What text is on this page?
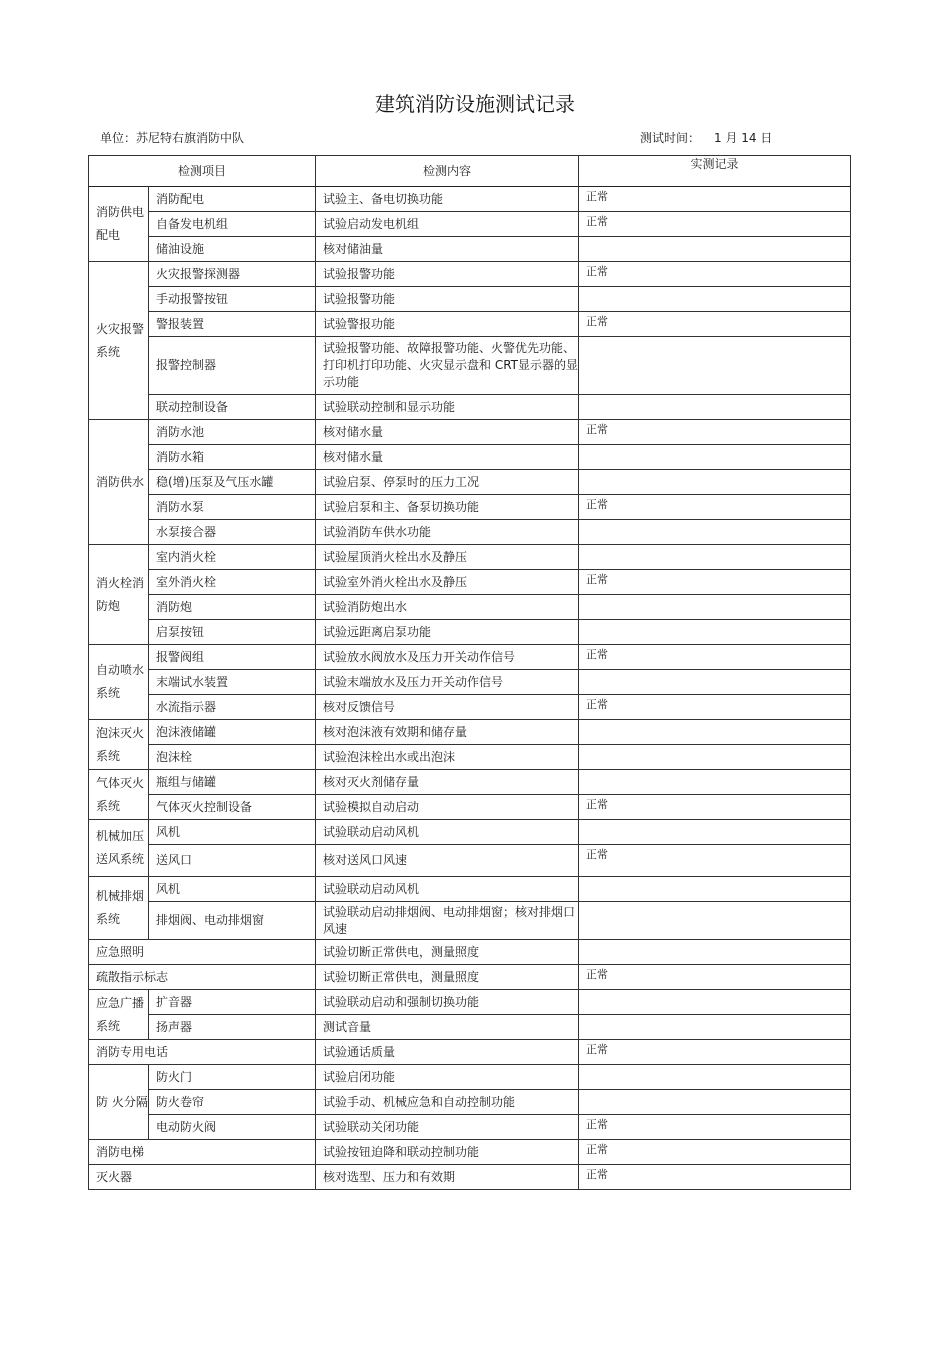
建筑消防设施测试记录
单位：苏尼特右旗消防中队	测试时间： 1 月 14 日
检测项目		检测内容	实测记录
消防供电 配电	消防配电	试验主、备电切换功能	正常
	自备发电机组	试验启动发电机组	正常
	储油设施	核对储油量	
火灾报警系统	火灾报警探测器	试验报警功能	正常
	手动报警按钮	试验报警功能	
	警报装置	试验警报功能	正常
	报警控制器	试验报警功能、故障报警功能、火警优先功能、打印机打印功能、火灾显示盘和 CRT显示器的显示功能	
	联动控制设备	试验联动控制和显示功能	
消防供水	消防水池	核对储水量	正常
	消防水箱	核对储水量	
	稳(增)压泵及气压水罐	试验启泵、停泵时的压力工况	
	消防水泵	试验启泵和主、备泵切换功能	正常
	水泵接合器	试验消防车供水功能	
消火栓消防炮	室内消火栓	试验屋顶消火栓出水及静压	
	室外消火栓	试验室外消火栓出水及静压	正常
	消防炮	试验消防炮出水	
	启泵按钮	试验远距离启泵功能	
自动喷水系统	报警阀组	试验放水阀放水及压力开关动作信号	正常
	末端试水装置	试验末端放水及压力开关动作信号	
	水流指示器	核对反馈信号	正常
泡沫灭火系统	泡沫液储罐	核对泡沫液有效期和储存量	
	泡沫栓	试验泡沫栓出水或出泡沫	
气体灭火系统	瓶组与储罐	核对灭火剂储存量	
	气体灭火控制设备	试验模拟自动启动	正常
机械加压送风系统	风机	试验联动启动风机	
	送风口	核对送风口风速	正常
机械排烟系统	风机	试验联动启动风机	
	排烟阀、电动排烟窗	试验联动启动排烟阀、电动排烟窗；核对排烟口风速	
应急照明		试验切断正常供电，测量照度	
疏散指示标志		试验切断正常供电，测量照度	正常
应急广播系统	扩音器	试验联动启动和强制切换功能	
	扬声器	测试音量	
消防专用电话		试验通话质量	正常
防 火分隔	防火门	试验启闭功能	
	防火卷帘	试验手动、机械应急和自动控制功能	
	电动防火阀	试验联动关闭功能	正常
消防电梯		试验按钮迫降和联动控制功能	正常
灭火器		核对选型、压力和有效期	正常
